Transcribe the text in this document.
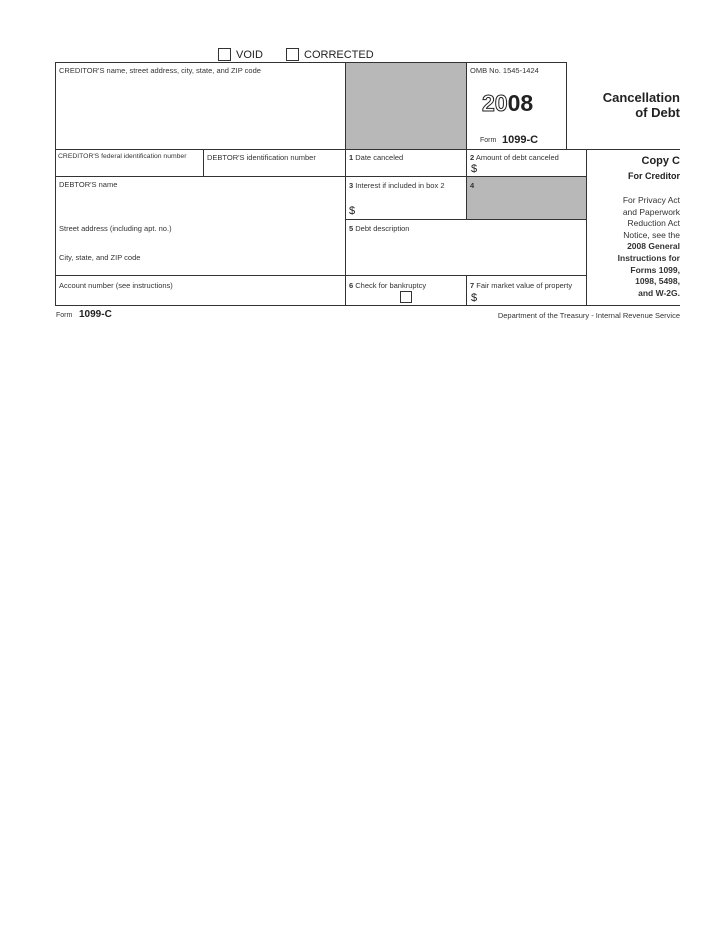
VOID	CORRECTED
CREDITOR'S name, street address, city, state, and ZIP code
CREDITOR'S federal identification number	DEBTOR'S identification number
DEBTOR'S name
Street address (including apt. no.)
City, state, and ZIP code
Account number (see instructions)
OMB No. 1545-1424
2008
Form 1099-C
Cancellation
of Debt
1 Date canceled	2 Amount of debt canceled
$
3 Interest if included in box 2
$
4
5 Debt description
6 Check for bankruptcy	7 Fair market value of property
$
Copy C
For Creditor
For Privacy Act
and Paperwork
Reduction Act
Notice, see the
2008 General
Instructions for
Forms 1099,
1098, 5498,
and W-2G.
Form 1099-C	Department of the Treasury - Internal Revenue Service
